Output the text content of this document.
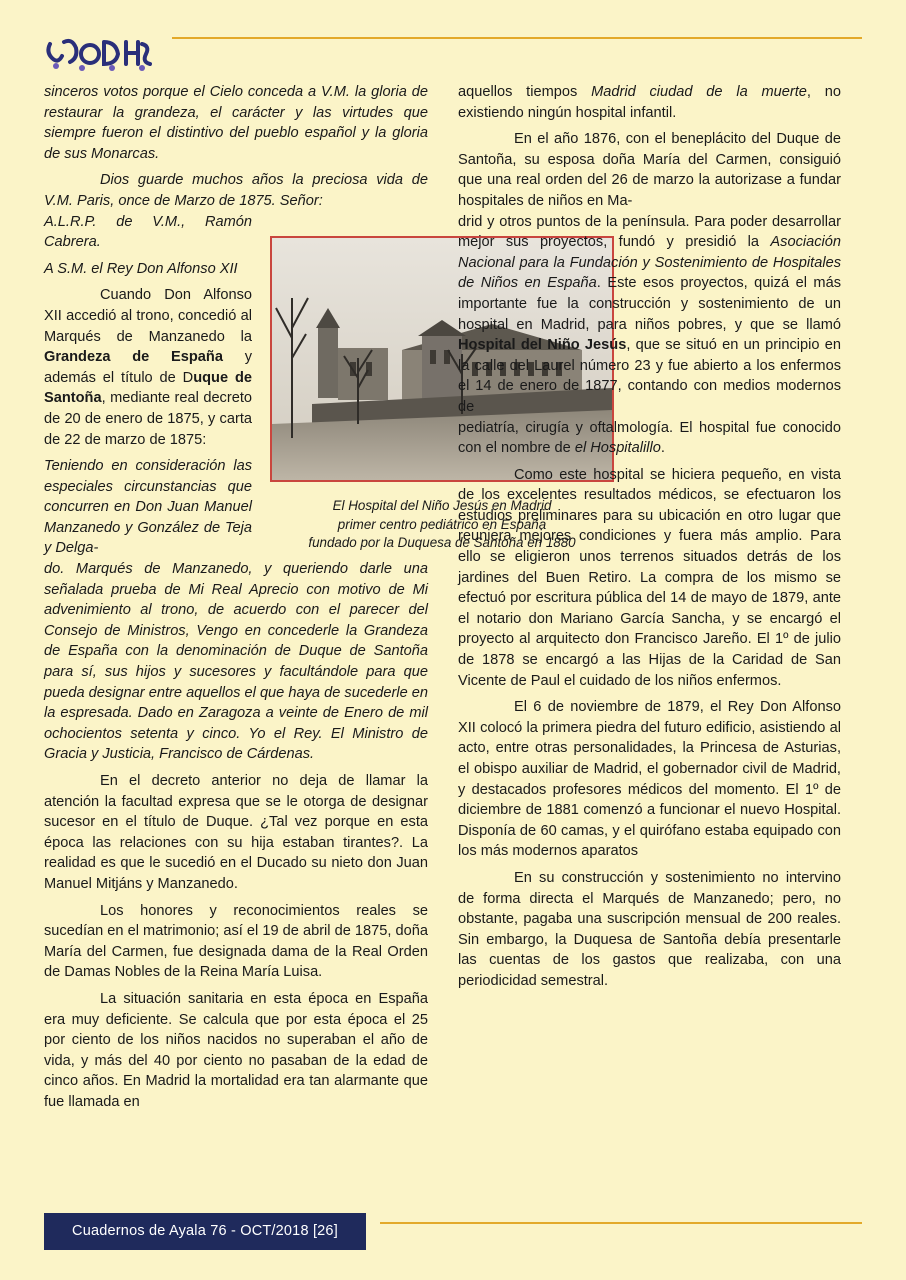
sinceros votos porque el Cielo conceda a V.M. la gloria de restaurar la grandeza, el carácter y las virtudes que siempre fueron el distintivo del pueblo español y la gloria de sus Monarcas.

Dios guarde muchos años la preciosa vida de V.M. Paris, once de Marzo de 1875. Señor:

A.L.R.P. de V.M., Ramón Cabrera.

A S.M. el Rey Don Alfonso XII

Cuando Don Alfonso XII accedió al trono, concedió al Marqués de Manzanedo la Grandeza de España y además el título de Duque de Santoña, mediante real decreto de 20 de enero de 1875, y carta de 22 de marzo de 1875:

Teniendo en consideración las especiales circunstancias que concurren en Don Juan Manuel Manzanedo y González de Teja y Delga-

do. Marqués de Manzanedo, y queriendo darle una señalada prueba de Mi Real Aprecio con motivo de Mi advenimiento al trono, de acuerdo con el parecer del Consejo de Ministros, Vengo en concederle la Grandeza de España con la denominación de Duque de Santoña para sí, sus hijos y sucesores y facultándole para que pueda designar entre aquellos el que haya de sucederle en la espresada. Dado en Zaragoza a veinte de Enero de mil ochocientos setenta y cinco. Yo el Rey. El Ministro de Gracia y Justicia, Francisco de Cárdenas.

En el decreto anterior no deja de llamar la atención la facultad expresa que se le otorga de designar sucesor en el título de Duque. ¿Tal vez porque en esta época las relaciones con su hija estaban tirantes?. La realidad es que le sucedió en el Ducado su nieto don Juan Manuel Mitjáns y Manzanedo.

Los honores y reconocimientos reales se sucedían en el matrimonio; así el 19 de abril de 1875, doña María del Carmen, fue designada dama de la Real Orden de Damas Nobles de la Reina María Luisa.

La situación sanitaria en esta época en España era muy deficiente. Se calcula que por esta época el 25 por ciento de los niños nacidos no superaban el año de vida, y más del 40 por ciento no pasaban de la edad de cinco años. En Madrid la mortalidad era tan alarmante que fue llamada en

El Hospital del Niño Jesús en Madrid
primer centro pediátrico en España
fundado por la Duquesa de Santoña en 1880

aquellos tiempos Madrid ciudad de la muerte, no existiendo ningún hospital infantil.

En el año 1876, con el beneplácito del Duque de Santoña, su esposa doña María del Carmen, consiguió que una real orden del 26 de marzo la autorizase a fundar hospitales de niños en Ma-

drid y otros puntos de la península. Para poder desarrollar mejor sus proyectos, fundó y presidió la Asociación Nacional para la Fundación y Sostenimiento de Hospitales de Niños en España. Este esos proyectos, quizá el más importante fue la construcción y sostenimiento de un hospital en Madrid, para niños pobres, y que se llamó Hospital del Niño Jesús, que se situó en un principio en la calle del Laurel número 23 y fue abierto a los enfermos el 14 de enero de 1877, contando con medios modernos de

pediatría, cirugía y oftalmología. El hospital fue conocido con el nombre de el Hospitalillo.

Como este hospital se hiciera pequeño, en vista de los excelentes resultados médicos, se efectuaron los estudios preliminares para su ubicación en otro lugar que reuniera mejores condiciones y fuera más amplio. Para ello se eligieron unos terrenos situados detrás de los jardines del Buen Retiro. La compra de los mismo se efectuó por escritura pública del 14 de mayo de 1879, ante el notario don Mariano García Sancha, y se encargó el proyecto al arquitecto don Francisco Jareño. El 1º de julio de 1878 se encargó a las Hijas de la Caridad de San Vicente de Paul el cuidado de los niños enfermos.

El 6 de noviembre de 1879, el Rey Don Alfonso XII colocó la primera piedra del futuro edificio, asistiendo al acto, entre otras personalidades, la Princesa de Asturias, el obispo auxiliar de Madrid, el gobernador civil de Madrid, y destacados profesores médicos del momento. El 1º de diciembre de 1881 comenzó a funcionar el nuevo Hospital. Disponía de 60 camas, y el quirófano estaba equipado con los más modernos aparatos

En su construcción y sostenimiento no intervino de forma directa el Marqués de Manzanedo; pero, no obstante, pagaba una suscripción mensual de 200 reales. Sin embargo, la Duquesa de Santoña debía presentarle las cuentas de los gastos que realizaba, con una periodicidad semestral.

Cuadernos de Ayala 76 - OCT/2018 [26]
